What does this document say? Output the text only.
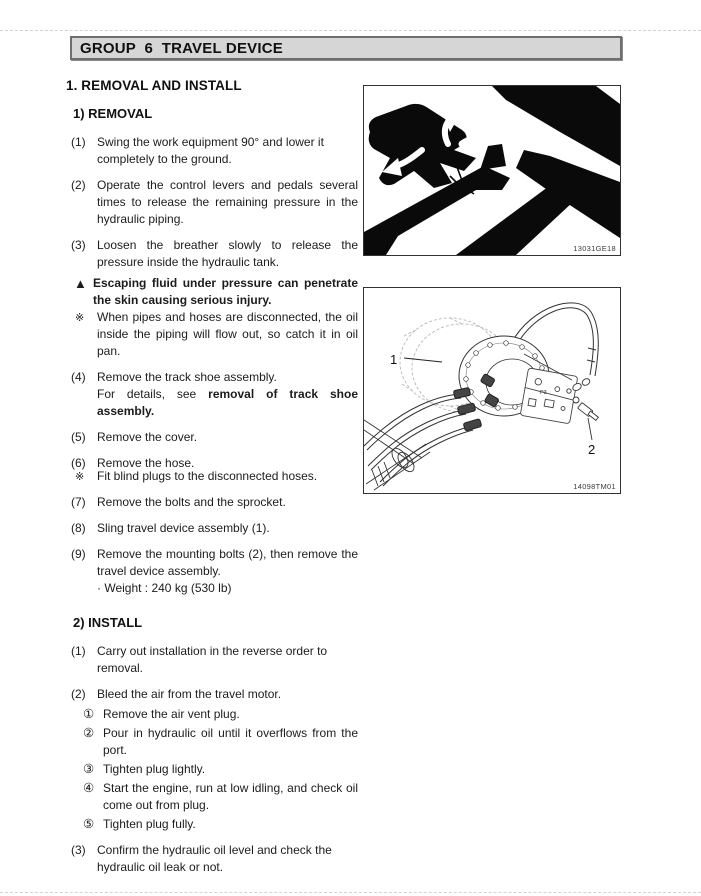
GROUP  6  TRAVEL DEVICE
1. REMOVAL AND INSTALL
1) REMOVAL
(1) Swing the work equipment 90° and lower it completely to the ground.
(2) Operate the control levers and pedals several times to release the remaining pressure in the hydraulic piping.
(3) Loosen the breather slowly to release the pressure inside the hydraulic tank.
▲ Escaping fluid under pressure can penetrate the skin causing serious injury.
※	When pipes and hoses are disconnected, the oil inside the piping will flow out, so catch it in oil pan.
(4) Remove the track shoe assembly.
For details, see removal of track shoe assembly.
(5) Remove the cover.
(6) Remove the hose.
※	Fit blind plugs to the disconnected hoses.
(7) Remove the bolts and the sprocket.
(8) Sling travel device assembly (1).
(9) Remove the mounting bolts (2), then remove the travel device assembly.
· Weight : 240 kg (530 lb)
2) INSTALL
(1) Carry out installation in the reverse order to removal.
(2) Bleed the air from the travel motor.
① Remove the air vent plug.
② Pour in hydraulic oil until it overflows from the port.
③ Tighten plug lightly.
④ Start the engine, run at low idling, and check oil come out from plug.
⑤ Tighten plug fully.
(3) Confirm the hydraulic oil level and check the hydraulic oil leak or not.
13031GE18
1
2
P3
14098TM01
